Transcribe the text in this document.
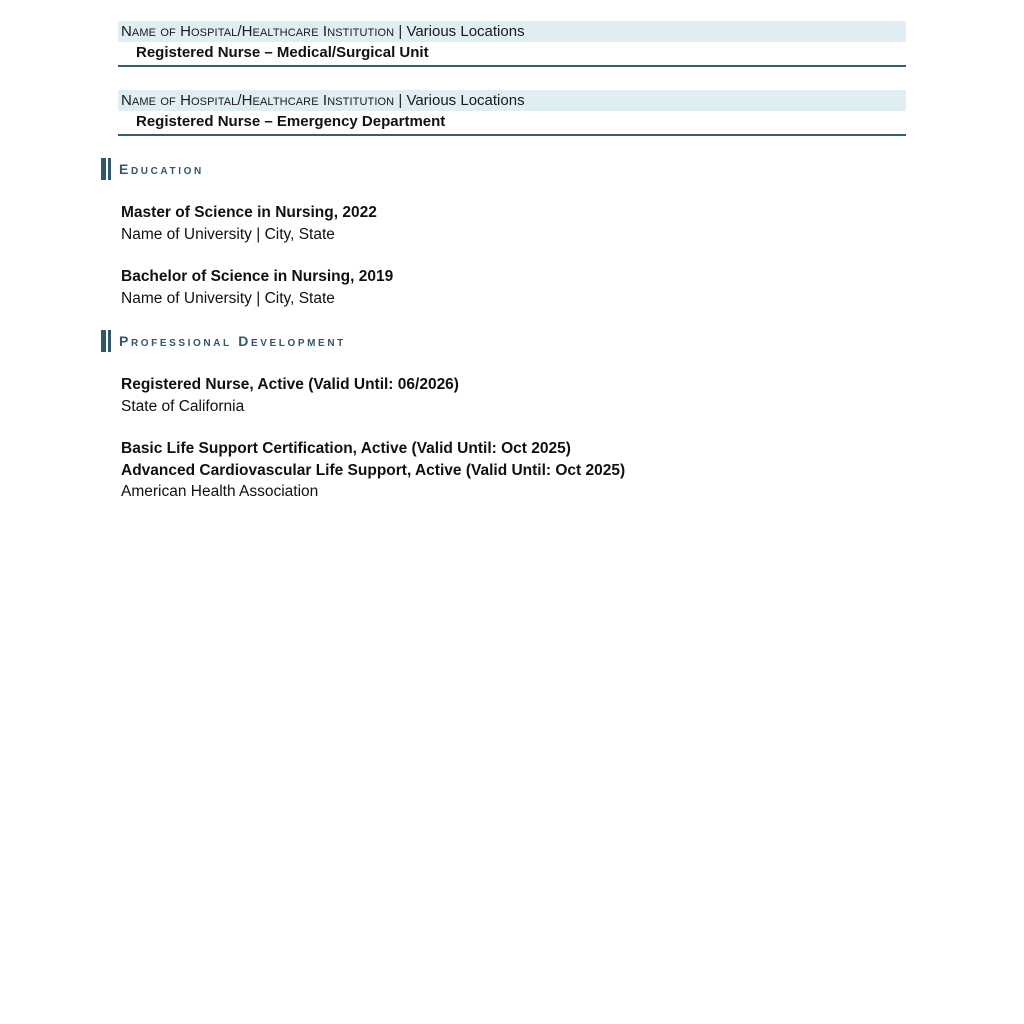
Name of Hospital/Healthcare Institution | Various Locations
Registered Nurse – Medical/Surgical Unit
Name of Hospital/Healthcare Institution | Various Locations
Registered Nurse – Emergency Department
Education
Master of Science in Nursing, 2022
Name of University | City, State
Bachelor of Science in Nursing, 2019
Name of University | City, State
Professional Development
Registered Nurse, Active (Valid Until: 06/2026)
State of California
Basic Life Support Certification, Active (Valid Until: Oct 2025)
Advanced Cardiovascular Life Support, Active (Valid Until: Oct 2025)
American Health Association
